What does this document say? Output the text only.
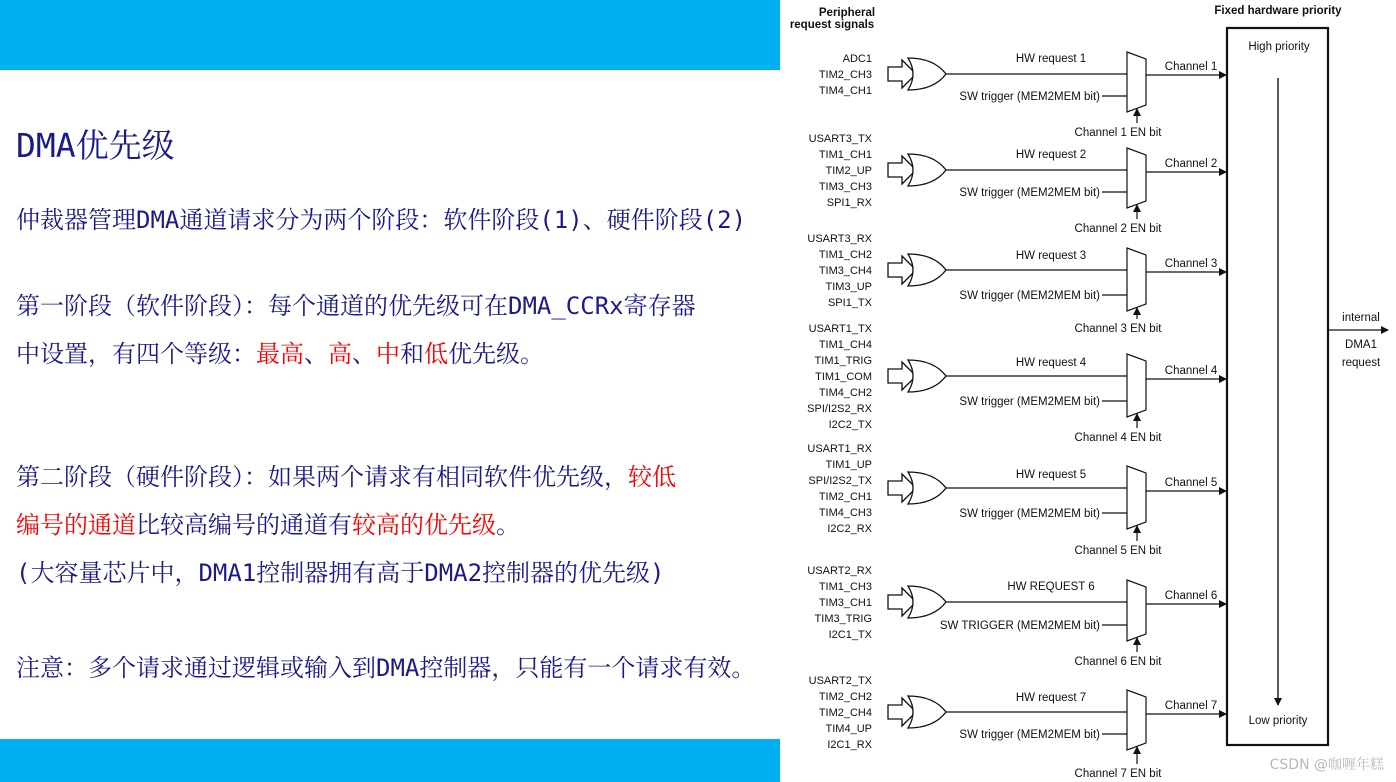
DMA优先级
仲裁器管理DMA通道请求分为两个阶段：软件阶段(1)、硬件阶段(2)
第一阶段（软件阶段）：每个通道的优先级可在DMA_CCRx寄存器
中设置，有四个等级：最高、高、中和低优先级。
第二阶段（硬件阶段）：如果两个请求有相同软件优先级，较低
编号的通道比较高编号的通道有较高的优先级。
(大容量芯片中，DMA1控制器拥有高于DMA2控制器的优先级)
注意：多个请求通过逻辑或输入到DMA控制器，只能有一个请求有效。
Peripheral
request signals
Fixed hardware priority
High priority
Low priority
internal
DMA1
request
ADC1
TIM2_CH3
TIM4_CH1
HW request 1
SW trigger (MEM2MEM bit)
Channel 1 EN bit
Channel 1
USART3_TX
TIM1_CH1
TIM2_UP
TIM3_CH3
SPI1_RX
HW request 2
SW trigger (MEM2MEM bit)
Channel 2 EN bit
Channel 2
USART3_RX
TIM1_CH2
TIM3_CH4
TIM3_UP
SPI1_TX
HW request 3
SW trigger (MEM2MEM bit)
Channel 3 EN bit
Channel 3
USART1_TX
TIM1_CH4
TIM1_TRIG
TIM1_COM
TIM4_CH2
SPI/I2S2_RX
I2C2_TX
HW request 4
SW trigger (MEM2MEM bit)
Channel 4 EN bit
Channel 4
USART1_RX
TIM1_UP
SPI/I2S2_TX
TIM2_CH1
TIM4_CH3
I2C2_RX
HW request 5
SW trigger (MEM2MEM bit)
Channel 5 EN bit
Channel 5
USART2_RX
TIM1_CH3
TIM3_CH1
TIM3_TRIG
I2C1_TX
HW REQUEST 6
SW TRIGGER (MEM2MEM bit)
Channel 6 EN bit
Channel 6
USART2_TX
TIM2_CH2
TIM2_CH4
TIM4_UP
I2C1_RX
HW request 7
SW trigger (MEM2MEM bit)
Channel 7 EN bit
Channel 7
CSDN @咖喱年糕
